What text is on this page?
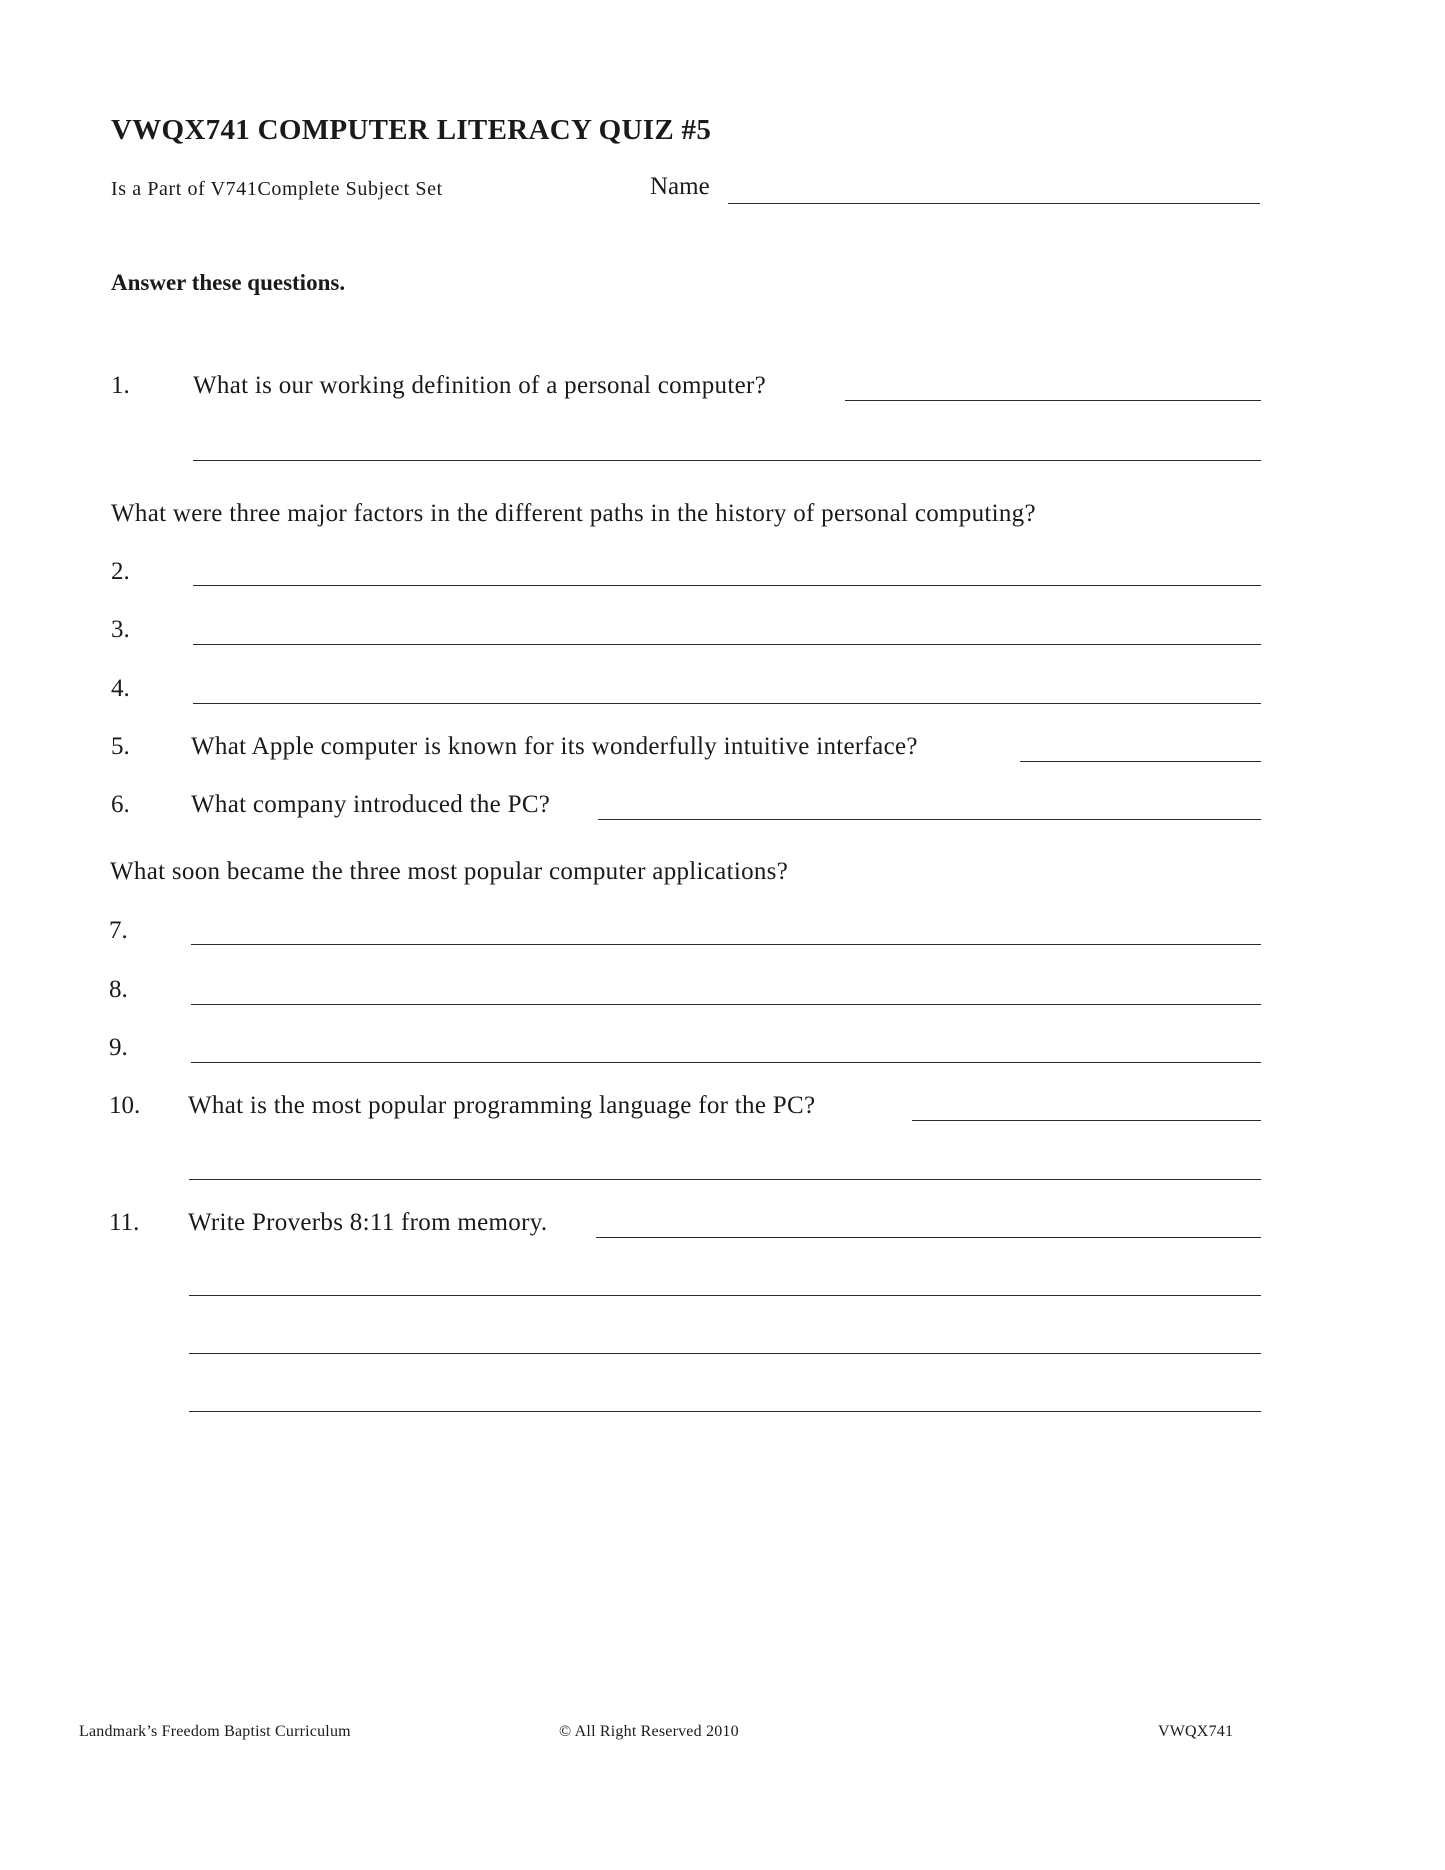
VWQX741 COMPUTER LITERACY QUIZ #5
Is a Part of V741Complete Subject Set	Name
Answer these questions.
1.	What is our working definition of a personal computer?
What were three major factors in the different paths in the history of personal computing?
2.
3.
4.
5. What Apple computer is known for its wonderfully intuitive interface?
6. What company introduced the PC?
What soon became the three most popular computer applications?
7.
8.
9.
10. What is the most popular programming language for the PC?
11. Write Proverbs 8:11 from memory.
Landmark’s Freedom Baptist Curriculum	© All Right Reserved 2010	VWQX741
